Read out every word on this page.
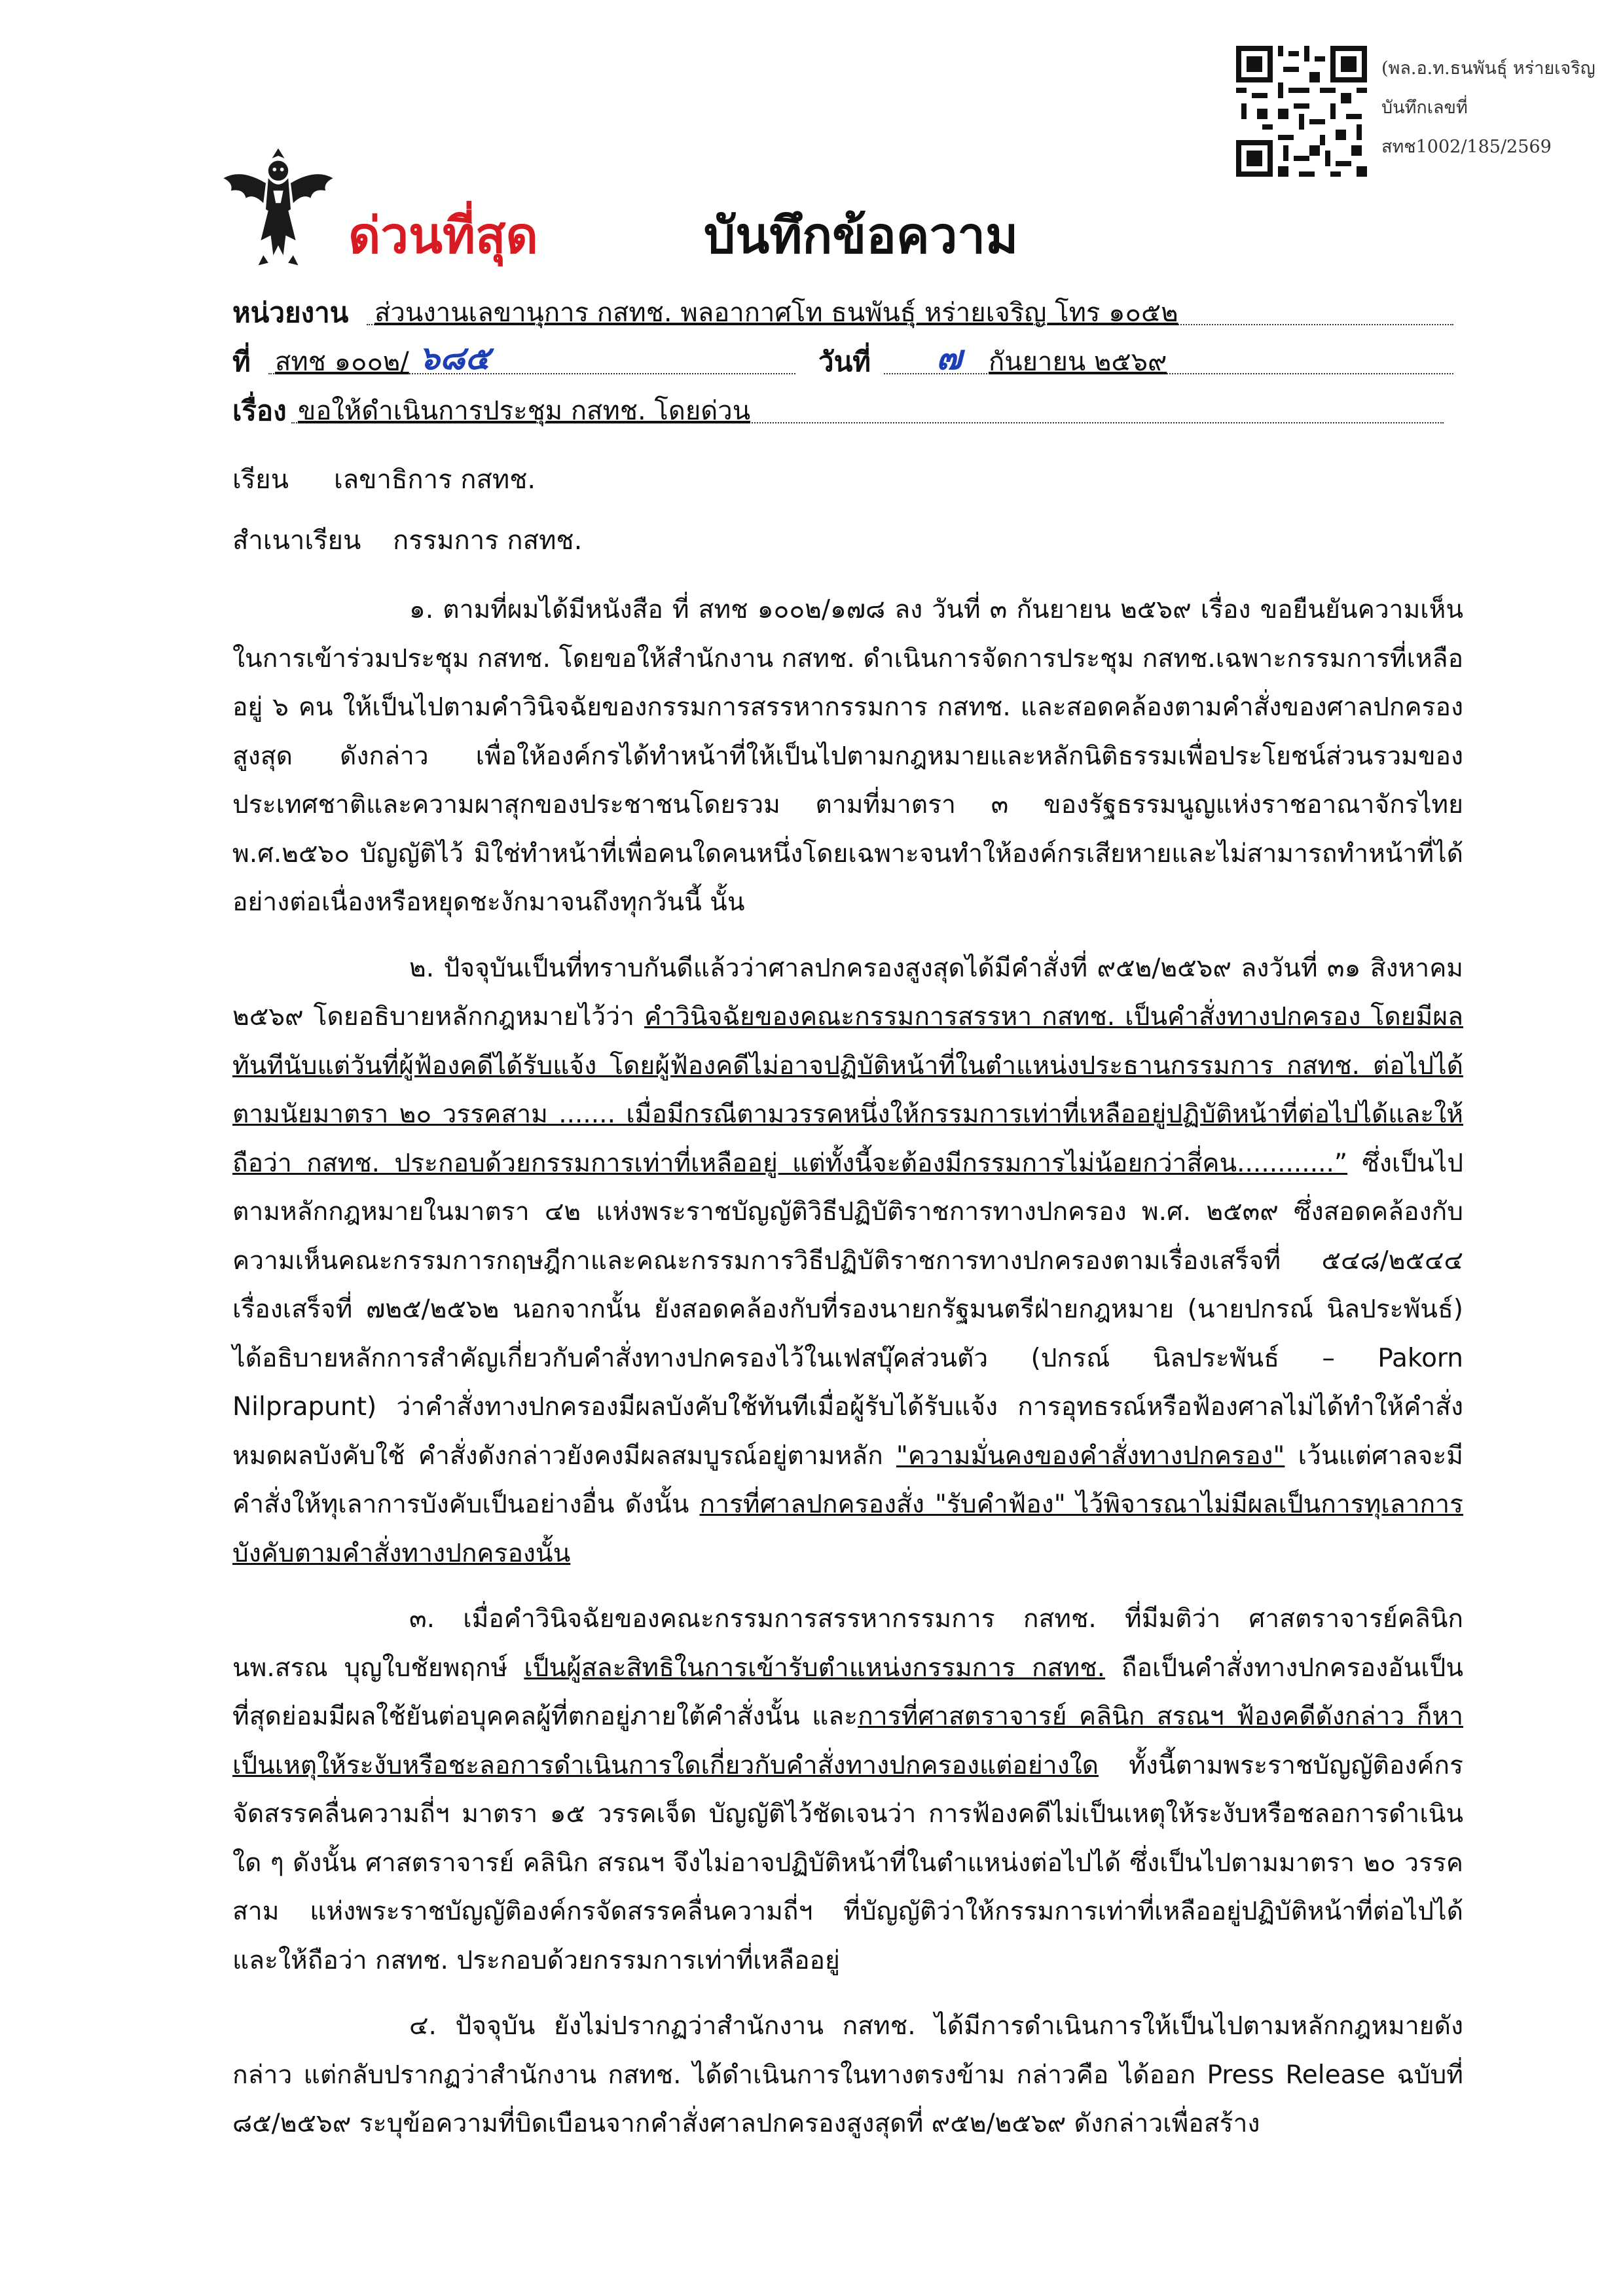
(พล.อ.ท.ธนพันธุ์ หร่ายเจริญ
บันทึกเลขที่
สทช1002/185/2569
ด่วนที่สุด	บันทึกข้อความ
หน่วยงาน ส่วนงานเลขานุการ กสทช. พลอากาศโท ธนพันธุ์ หร่ายเจริญ โทร ๑๐๕๒
ที่ สทช ๑๐๐๒/ ๖๘๕	วันที่ ๗ กันยายน ๒๕๖๙
เรื่อง ขอให้ดำเนินการประชุม กสทช. โดยด่วน
เรียน เลขาธิการ กสทช.
สำเนาเรียน กรรมการ กสทช.

๑. ตามที่ผมได้มีหนังสือ ที่ สทช ๑๐๐๒/๑๗๘ ลง วันที่ ๓ กันยายน ๒๕๖๙ เรื่อง ขอยืนยันความเห็นในการเข้าร่วมประชุม กสทช. โดยขอให้สำนักงาน กสทช. ดำเนินการจัดการประชุม กสทช.เฉพาะกรรมการที่เหลืออยู่ ๖ คน ให้เป็นไปตามคำวินิจฉัยของกรรมการสรรหากรรมการ กสทช. และสอดคล้องตามคำสั่งของศาลปกครองสูงสุด ดังกล่าว เพื่อให้องค์กรได้ทำหน้าที่ให้เป็นไปตามกฎหมายและหลักนิติธรรมเพื่อประโยชน์ส่วนรวมของประเทศชาติและความผาสุกของประชาชนโดยรวม ตามที่มาตรา ๓ ของรัฐธรรมนูญแห่งราชอาณาจักรไทย พ.ศ.๒๕๖๐ บัญญัติไว้ มิใช่ทำหน้าที่เพื่อคนใดคนหนึ่งโดยเฉพาะจนทำให้องค์กรเสียหายและไม่สามารถทำหน้าที่ได้อย่างต่อเนื่องหรือหยุดชะงักมาจนถึงทุกวันนี้ นั้น

๒. ปัจจุบันเป็นที่ทราบกันดีแล้วว่าศาลปกครองสูงสุดได้มีคำสั่งที่ ๙๕๒/๒๕๖๙ ลงวันที่ ๓๑ สิงหาคม ๒๕๖๙ โดยอธิบายหลักกฎหมายไว้ว่า คำวินิจฉัยของคณะกรรมการสรรหา กสทช. เป็นคำสั่งทางปกครอง โดยมีผลทันทีนับแต่วันที่ผู้ฟ้องคดีได้รับแจ้ง โดยผู้ฟ้องคดีไม่อาจปฏิบัติหน้าที่ในตำแหน่งประธานกรรมการ กสทช. ต่อไปได้ ตามนัยมาตรา ๒๐ วรรคสาม ....... เมื่อมีกรณีตามวรรคหนึ่งให้กรรมการเท่าที่เหลืออยู่ปฏิบัติหน้าที่ต่อไปได้และให้ถือว่า กสทช. ประกอบด้วยกรรมการเท่าที่เหลืออยู่ แต่ทั้งนี้จะต้องมีกรรมการไม่น้อยกว่าสี่คน............” ซึ่งเป็นไปตามหลักกฎหมายในมาตรา ๔๒ แห่งพระราชบัญญัติวิธีปฏิบัติราชการทางปกครอง พ.ศ. ๒๕๓๙ ซึ่งสอดคล้องกับความเห็นคณะกรรมการกฤษฎีกาและคณะกรรมการวิธีปฏิบัติราชการทางปกครองตามเรื่องเสร็จที่ ๕๔๘/๒๕๔๔ เรื่องเสร็จที่ ๗๒๕/๒๕๖๒ นอกจากนั้น ยังสอดคล้องกับที่รองนายกรัฐมนตรีฝ่ายกฎหมาย (นายปกรณ์ นิลประพันธ์) ได้อธิบายหลักการสำคัญเกี่ยวกับคำสั่งทางปกครองไว้ในเฟสบุ๊คส่วนตัว (ปกรณ์ นิลประพันธ์ – Pakorn Nilprapunt) ว่าคำสั่งทางปกครองมีผลบังคับใช้ทันทีเมื่อผู้รับได้รับแจ้ง การอุทธรณ์หรือฟ้องศาลไม่ได้ทำให้คำสั่งหมดผลบังคับใช้ คำสั่งดังกล่าวยังคงมีผลสมบูรณ์อยู่ตามหลัก "ความมั่นคงของคำสั่งทางปกครอง" เว้นแต่ศาลจะมีคำสั่งให้ทุเลาการบังคับเป็นอย่างอื่น ดังนั้น การที่ศาลปกครองสั่ง "รับคำฟ้อง" ไว้พิจารณาไม่มีผลเป็นการทุเลาการบังคับตามคำสั่งทางปกครองนั้น

๓. เมื่อคำวินิจฉัยของคณะกรรมการสรรหากรรมการ กสทช. ที่มีมติว่า ศาสตราจารย์คลินิก นพ.สรณ บุญใบชัยพฤกษ์ เป็นผู้สละสิทธิในการเข้ารับตำแหน่งกรรมการ กสทช. ถือเป็นคำสั่งทางปกครองอันเป็นที่สุดย่อมมีผลใช้ยันต่อบุคคลผู้ที่ตกอยู่ภายใต้คำสั่งนั้น และการที่ศาสตราจารย์ คลินิก สรณฯ ฟ้องคดีดังกล่าว ก็หาเป็นเหตุให้ระงับหรือชะลอการดำเนินการใดเกี่ยวกับคำสั่งทางปกครองแต่อย่างใด ทั้งนี้ตามพระราชบัญญัติองค์กรจัดสรรคลื่นความถี่ฯ มาตรา ๑๕ วรรคเจ็ด บัญญัติไว้ชัดเจนว่า การฟ้องคดีไม่เป็นเหตุให้ระงับหรือชลอการดำเนินใด ๆ ดังนั้น ศาสตราจารย์ คลินิก สรณฯ จึงไม่อาจปฏิบัติหน้าที่ในตำแหน่งต่อไปได้ ซึ่งเป็นไปตามมาตรา ๒๐ วรรคสาม แห่งพระราชบัญญัติองค์กรจัดสรรคลื่นความถี่ฯ ที่บัญญัติว่าให้กรรมการเท่าที่เหลืออยู่ปฏิบัติหน้าที่ต่อไปได้ และให้ถือว่า กสทช. ประกอบด้วยกรรมการเท่าที่เหลืออยู่

๔. ปัจจุบัน ยังไม่ปรากฏว่าสำนักงาน กสทช. ได้มีการดำเนินการให้เป็นไปตามหลักกฎหมายดังกล่าว แต่กลับปรากฏว่าสำนักงาน กสทช. ได้ดำเนินการในทางตรงข้าม กล่าวคือ ได้ออก Press Release ฉบับที่ ๘๕/๒๕๖๙ ระบุข้อความที่บิดเบือนจากคำสั่งศาลปกครองสูงสุดที่ ๙๕๒/๒๕๖๙ ดังกล่าวเพื่อสร้าง
